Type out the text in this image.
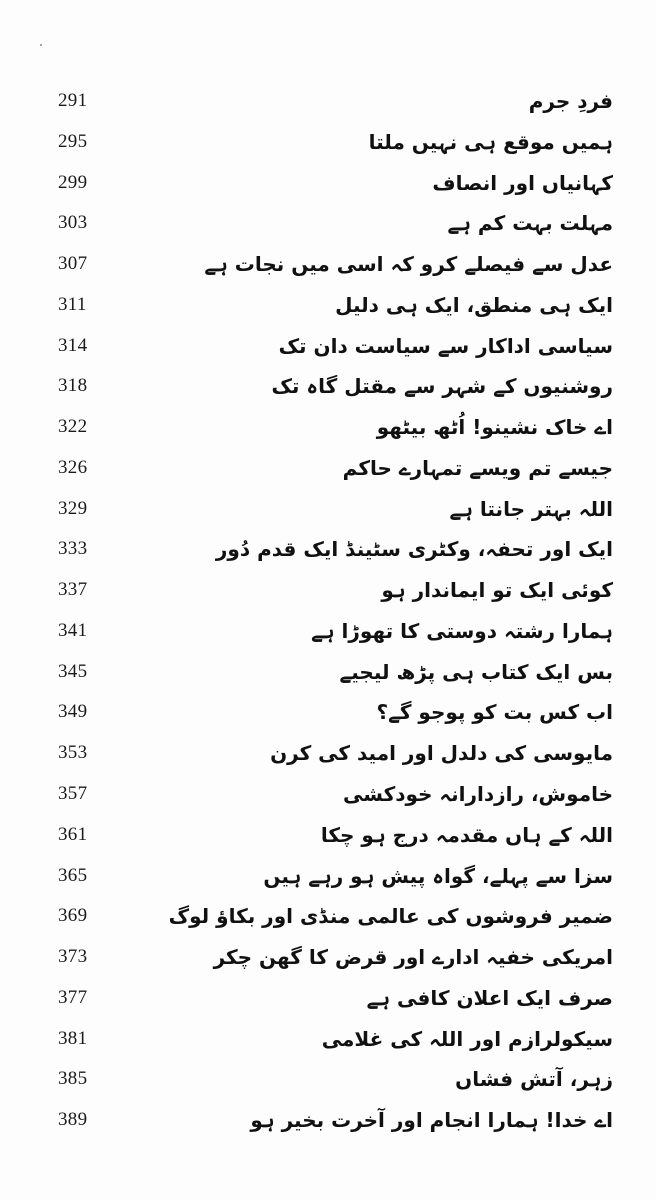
291	فردِ جرم
295	ہمیں موقع ہی نہیں ملتا
299	کہانیاں اور انصاف
303	مہلت بہت کم ہے
307	عدل سے فیصلے کرو کہ اسی میں نجات ہے
311	ایک ہی منطق، ایک ہی دلیل
314	سیاسی اداکار سے سیاست دان تک
318	روشنیوں کے شہر سے مقتل گاہ تک
322	اے خاک نشینو! اُٹھ بیٹھو
326	جیسے تم ویسے تمہارے حاکم
329	اللہ بہتر جانتا ہے
333	ایک اور تحفہ، وکٹری سٹینڈ ایک قدم دُور
337	کوئی ایک تو ایماندار ہو
341	ہمارا رشتہ دوستی کا تھوڑا ہے
345	بس ایک کتاب ہی پڑھ لیجیے
349	اب کس بت کو پوجو گے؟
353	مایوسی کی دلدل اور امید کی کرن
357	خاموش، رازدارانہ خودکشی
361	اللہ کے ہاں مقدمہ درج ہو چکا
365	سزا سے پہلے، گواہ پیش ہو رہے ہیں
369	ضمیر فروشوں کی عالمی منڈی اور بکاؤ لوگ
373	امریکی خفیہ ادارے اور قرض کا گھن چکر
377	صرف ایک اعلان کافی ہے
381	سیکولرازم اور اللہ کی غلامی
385	زہر، آتش فشاں
389	اے خدا! ہمارا انجام اور آخرت بخیر ہو
